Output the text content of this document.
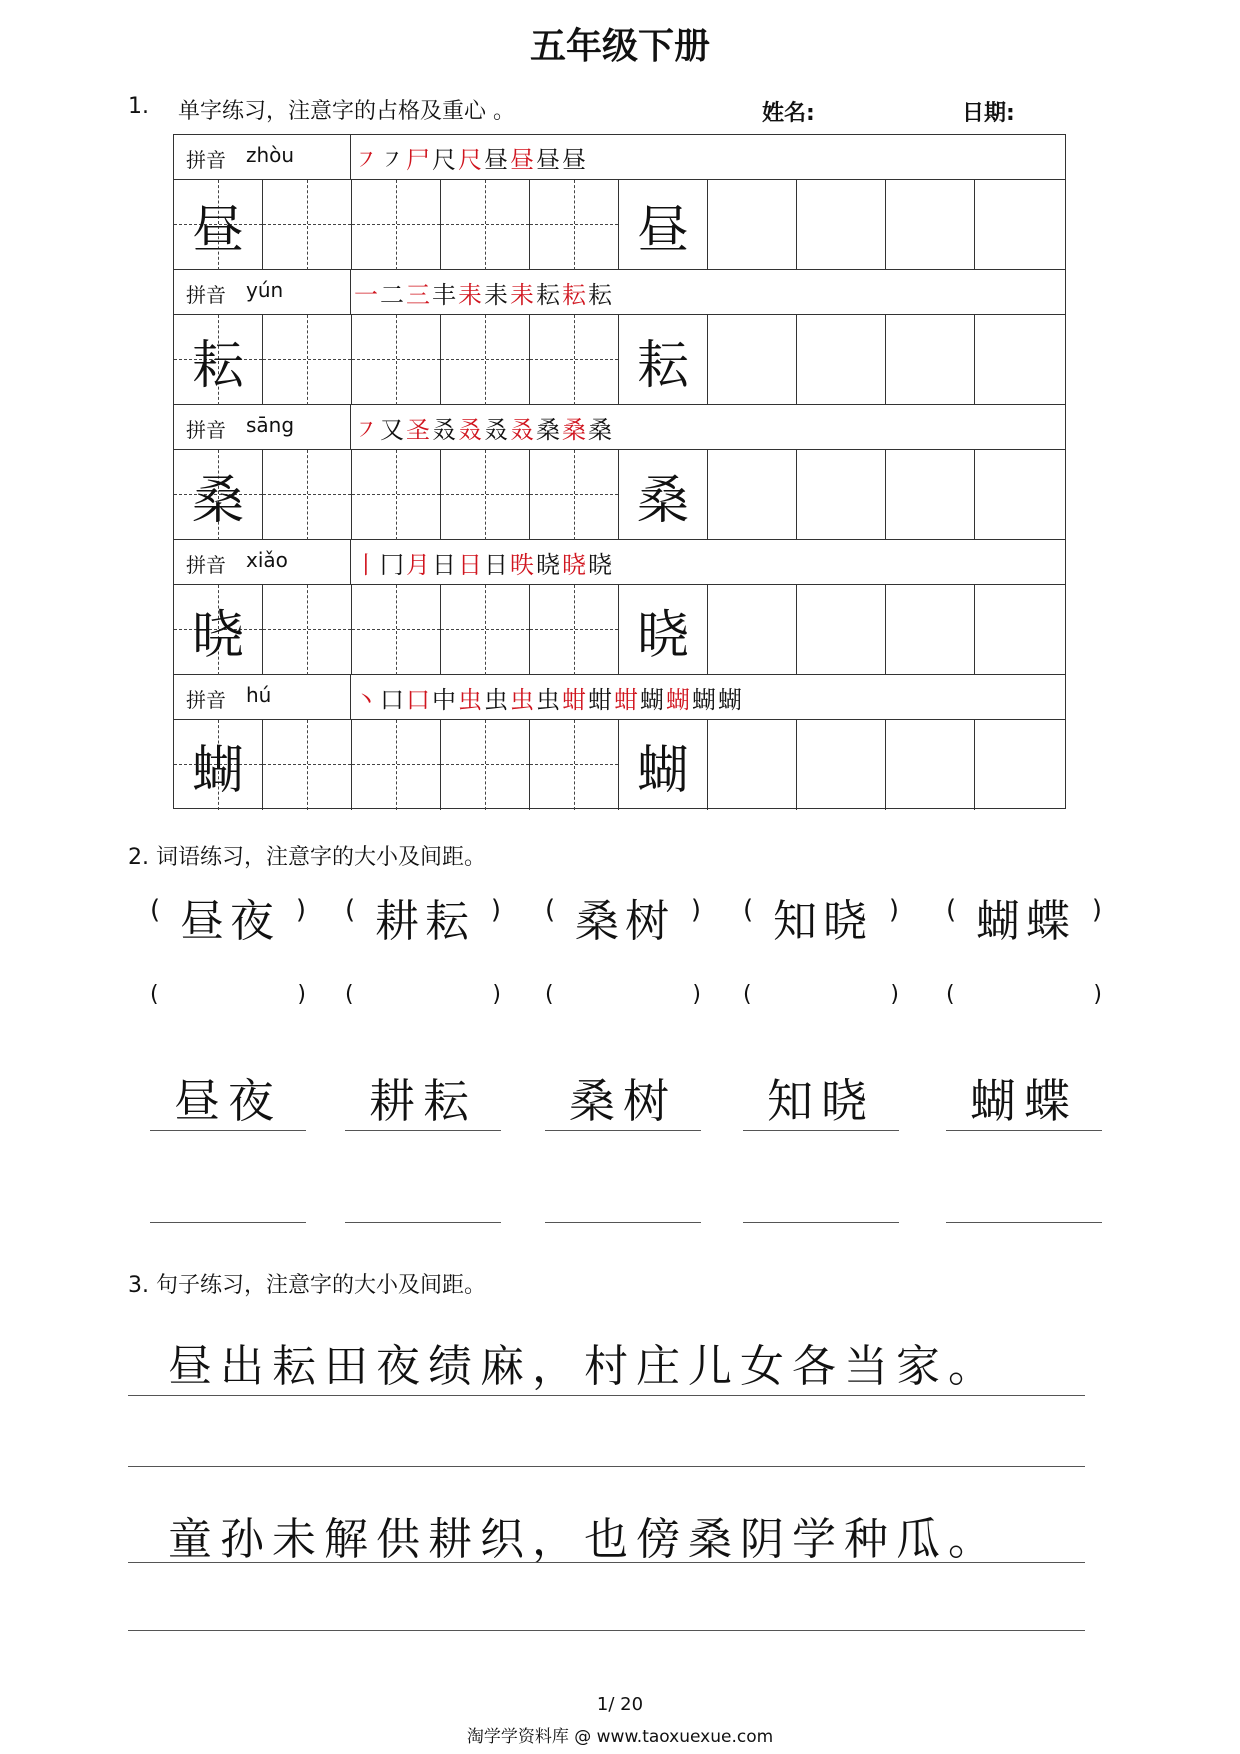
五年级下册
1. 单字练习，注意字的占格及重心 。	姓名:	日期:
拼音 zhòu ㇇ ㇇ 尸 尺 尺 昼 昼 昼 昼
昼	昼
拼音 yún	一 二 三 丰 耒 耒 耒 耘 耘 耘
耘	耘
拼音 sāng ㇇ 又 圣 叒 叒 叒 叒 桑 桑 桑
桑	桑
拼音 xiǎo	丨 冂 月 日 日 日 昳 晓 晓 晓
晓	晓
拼音 hú	丶 口 口 中 虫 虫 虫 虫 蚶 蚶 蚶 蝴 蝴 蝴 蝴
蝴	蝴
2. 词语练习，注意字的大小及间距。
( 昼夜 )
(	)
昼夜
( 耕耘 )
(	)
耕耘
( 桑树 )
(	)
桑树
( 知晓 )
(	)
知晓
( 蝴蝶 )
(	)
蝴蝶
3. 句子练习，注意字的大小及间距。
昼出耘田夜绩麻，村庄儿女各当家。
童孙未解供耕织，也傍桑阴学种瓜。
1/ 20
淘学学资料库 @ www.taoxuexue.com
